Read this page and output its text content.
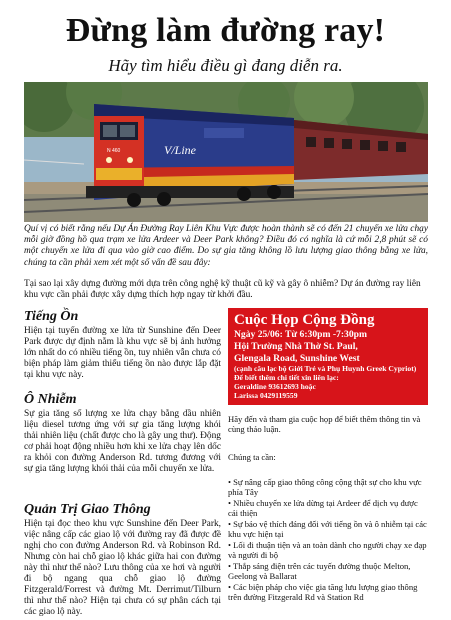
Đừng làm đường ray!
Hãy tìm hiểu điều gì đang diễn ra.
V/Line
N 460

Quí vị có biết rằng nếu Dự Án Đường Ray Liên Khu Vực được hoàn thành sẽ có đến 21 chuyến xe lửa chạy mỗi giờ đồng hồ qua trạm xe lửa Ardeer và Deer Park không? Điều đó có nghĩa là cứ mỗi 2,8 phút sẽ có một chuyến xe lửa đi qua vào giờ cao điểm. Do sự gia tăng không lồ lưu lượng giao thông bằng xe lửa, chúng ta cần phải xem xét một số vấn đề sau đây:

Tại sao lại xây dựng đường mới dựa trên công nghệ kỹ thuật cũ kỹ và gây ô nhiễm? Dự án đường ray liên khu vực cần phải được xây dựng thích hợp ngay từ khởi đầu.

Tiếng Ồn

Hiện tại tuyến đường xe lửa từ Sunshine đến Deer Park được dự định nằm là khu vực sẽ bị ảnh hưởng lớn nhất do có nhiều tiếng ồn, tuy nhiên vẫn chưa có biện pháp làm giảm thiểu tiếng ồn nào được lắp đặt tại khu vực này.

Ô Nhiễm

Sự gia tăng số lượng xe lửa chạy bằng dầu nhiên liệu diesel tương ứng với sự gia tăng lượng khói thải nhiên liệu (chất được cho là gây ung thư). Động cơ phải hoạt động nhiều hơn khi xe lửa chạy lên dốc ra khỏi con đường Anderson Rd. tương đương với sự gia tăng lượng khói thải của mỗi chuyến xe lửa.

Quản Trị Giao Thông

Hiện tại đọc theo khu vực Sunshine đến Deer Park, việc nâng cấp các giao lộ với đường ray đã được đề nghị cho con đường Anderson Rd. và Robinson Rd. Nhưng còn hai chỗ giao lộ khác giữa hai con đường này thì như thế nào? Lưu thông của xe hơi và người đi bộ ngang qua chỗ giao lộ đường Fitzgerald/Forrest và đường Mt. Derrimut/Tilburn thì như thế nào? Hiện tại chưa có sự phân cách tại các giao lộ này.

Cuộc Họp Cộng Đồng
Ngày 25/06: Từ 6:30pm -7:30pm
Hội Trường Nhà Thờ St. Paul,
Glengala Road, Sunshine West
(cạnh câu lạc bộ Giới Trẻ và Phụ Huynh Greek Cypriot)
Để biết thêm chi tiết xin liên lạc:
Geraldine 93612693 hoặc
Larissa 0429119559

Hãy đến và tham gia cuộc họp để biết thêm thông tin và cùng thảo luận.

Chúng ta cần:

• Sự nâng cấp giao thông công cộng thật sự cho khu vực phía Tây
• Nhiều chuyến xe lửa dừng tại Ardeer để dịch vụ được cải thiện
• Sự bảo vệ thích đáng đối với tiếng ồn và ô nhiễm tại các khu vực hiện tại
• Lối đi thuận tiện và an toàn dành cho người chạy xe đạp và người đi bộ
• Thắp sáng điện trên các tuyến đường thuộc Melton, Geelong và Ballarat
• Các biện pháp cho việc gia tăng lưu lượng giao thông trên đường Fitzgerald Rd và Station Rd
